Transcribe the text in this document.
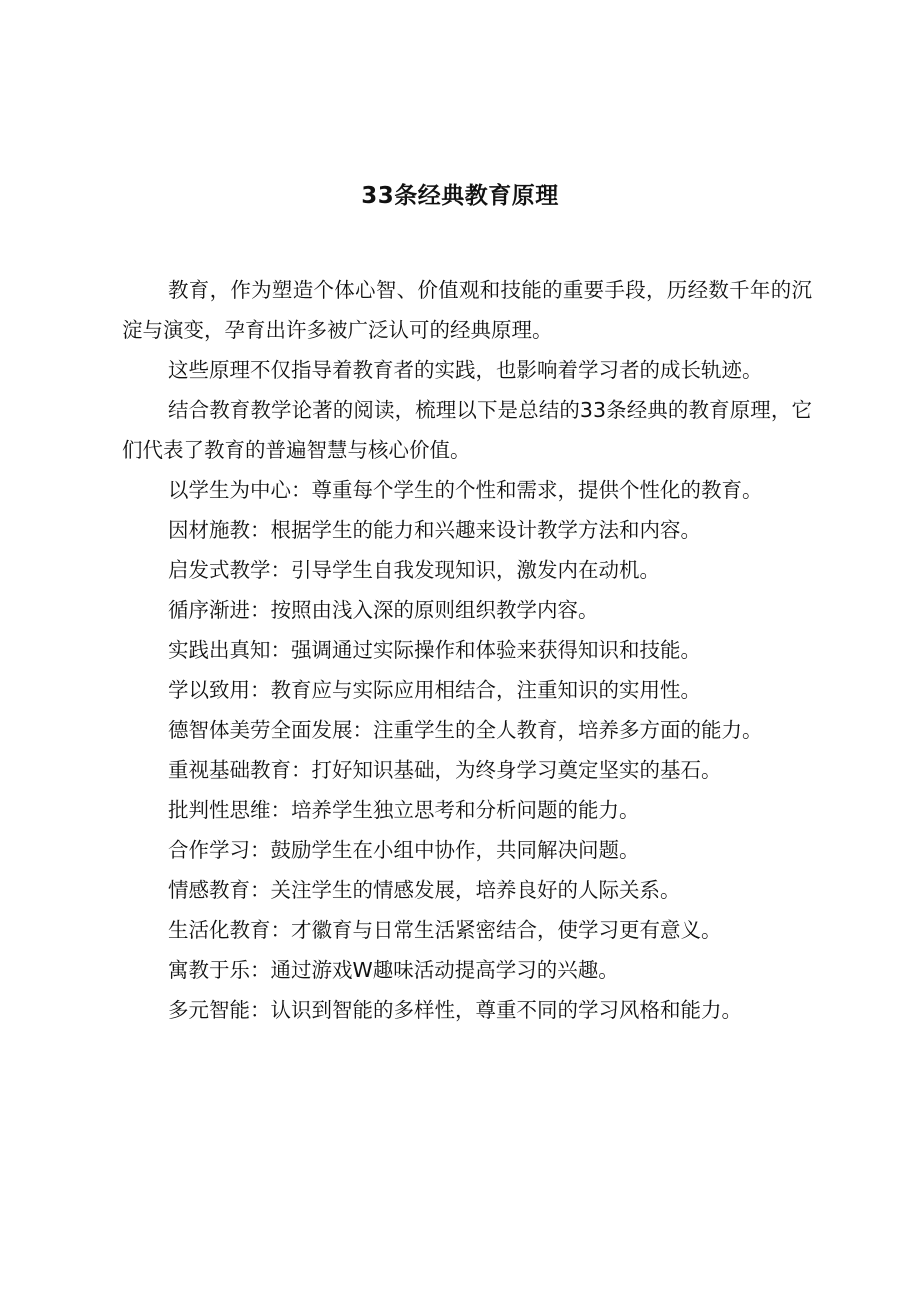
33条经典教育原理

教育，作为塑造个体心智、价值观和技能的重要手段，历经数千年的沉淀与演变，孕育出许多被广泛认可的经典原理。

这些原理不仅指导着教育者的实践，也影响着学习者的成长轨迹。

结合教育教学论著的阅读，梳理以下是总结的33条经典的教育原理，它们代表了教育的普遍智慧与核心价值。

以学生为中心：尊重每个学生的个性和需求，提供个性化的教育。

因材施教：根据学生的能力和兴趣来设计教学方法和内容。

启发式教学：引导学生自我发现知识，激发内在动机。

循序渐进：按照由浅入深的原则组织教学内容。

实践出真知：强调通过实际操作和体验来获得知识和技能。

学以致用：教育应与实际应用相结合，注重知识的实用性。

德智体美劳全面发展：注重学生的全人教育，培养多方面的能力。

重视基础教育：打好知识基础，为终身学习奠定坚实的基石。

批判性思维：培养学生独立思考和分析问题的能力。

合作学习：鼓励学生在小组中协作，共同解决问题。

情感教育：关注学生的情感发展，培养良好的人际关系。

生活化教育：才徽育与日常生活紧密结合，使学习更有意义。

寓教于乐：通过游戏W趣味活动提高学习的兴趣。

多元智能：认识到智能的多样性，尊重不同的学习风格和能力。
